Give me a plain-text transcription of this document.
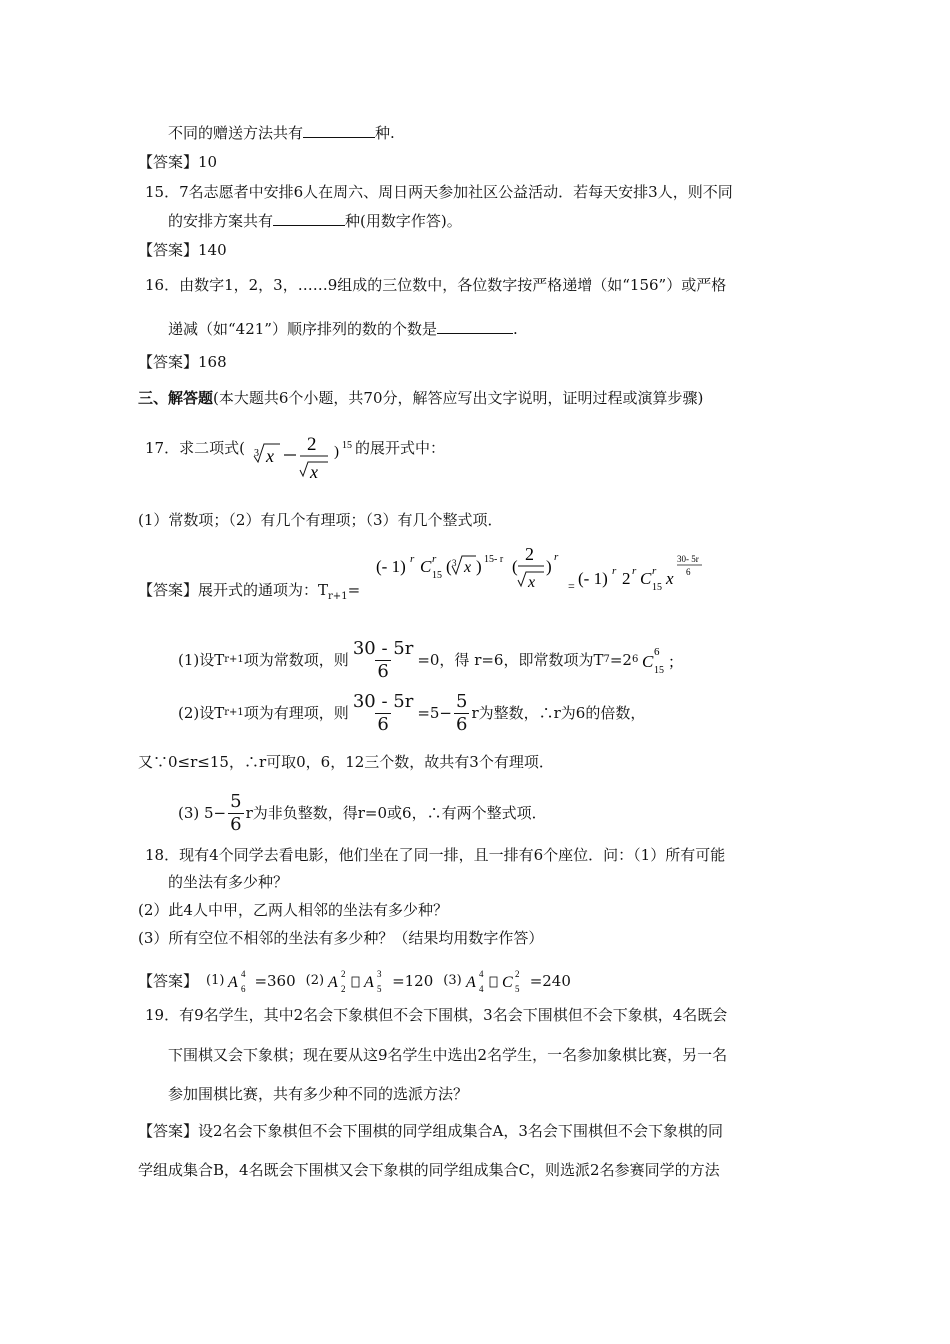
不同的赠送方法共有	种.
【答案】10
15．7名志愿者中安排6人在周六、周日两天参加社区公益活动．若每天安排3人，则不同
的安排方案共有	种(用数字作答)。
【答案】140
16．由数字1，2，3，……9组成的三位数中，各位数字按严格递增（如“156”）或严格
递减（如“421”）顺序排列的数的个数是	.
【答案】168
三、解答题(本大题共6个小题，共70分，解答应写出文字说明，证明过程或演算步骤)
17．求二项式( 3 x
2
x
) 15 的展开式中：
(1）常数项；（2）有几个有理项；（3）有几个整式项．
【答案】展开式的通项为：$T_{r+1}=$
(- 1) r C r
15 ( 3 x ) 15- r (
2
x
) r
= (- 1) r 2 r C r
15 x
30- 5r
6
(1)设T r+1 项为常数项，则 $\frac{30 - 5r}{6} =0$，得 r=6，即常数项为T 7 =2 6 C 6
15 ；
(2)设T r+1 项为有理项，则 $\frac{30 - 5r}{6} =5- \frac{5}{6}$ r为整数，∴r为6的倍数，
又∵0≤r≤15，∴r可取0，6，12三个数，故共有3个有理项．
(3) $5- \frac{5}{6}$ r为非负整数，得r=0或6，∴有两个整式项．
18．现有4个同学去看电影，他们坐在了同一排，且一排有6个座位．问：（1）所有可能
的坐法有多少种？
(2）此4人中甲，乙两人相邻的坐法有多少种？
(3）所有空位不相邻的坐法有多少种？（结果均用数字作答）
【答案】 (1) A 4
6 =360 (2) A 2
2 A 3
5 =120 (3) A 4
4 C 2
5 =240
19．有9名学生，其中2名会下象棋但不会下围棋，3名会下围棋但不会下象棋，4名既会
下围棋又会下象棋；现在要从这9名学生中选出2名学生，一名参加象棋比赛，另一名
参加围棋比赛，共有多少种不同的选派方法？
【答案】设2名会下象棋但不会下围棋的同学组成集合A，3名会下围棋但不会下象棋的同
学组成集合B，4名既会下围棋又会下象棋的同学组成集合C，则选派2名参赛同学的方法
